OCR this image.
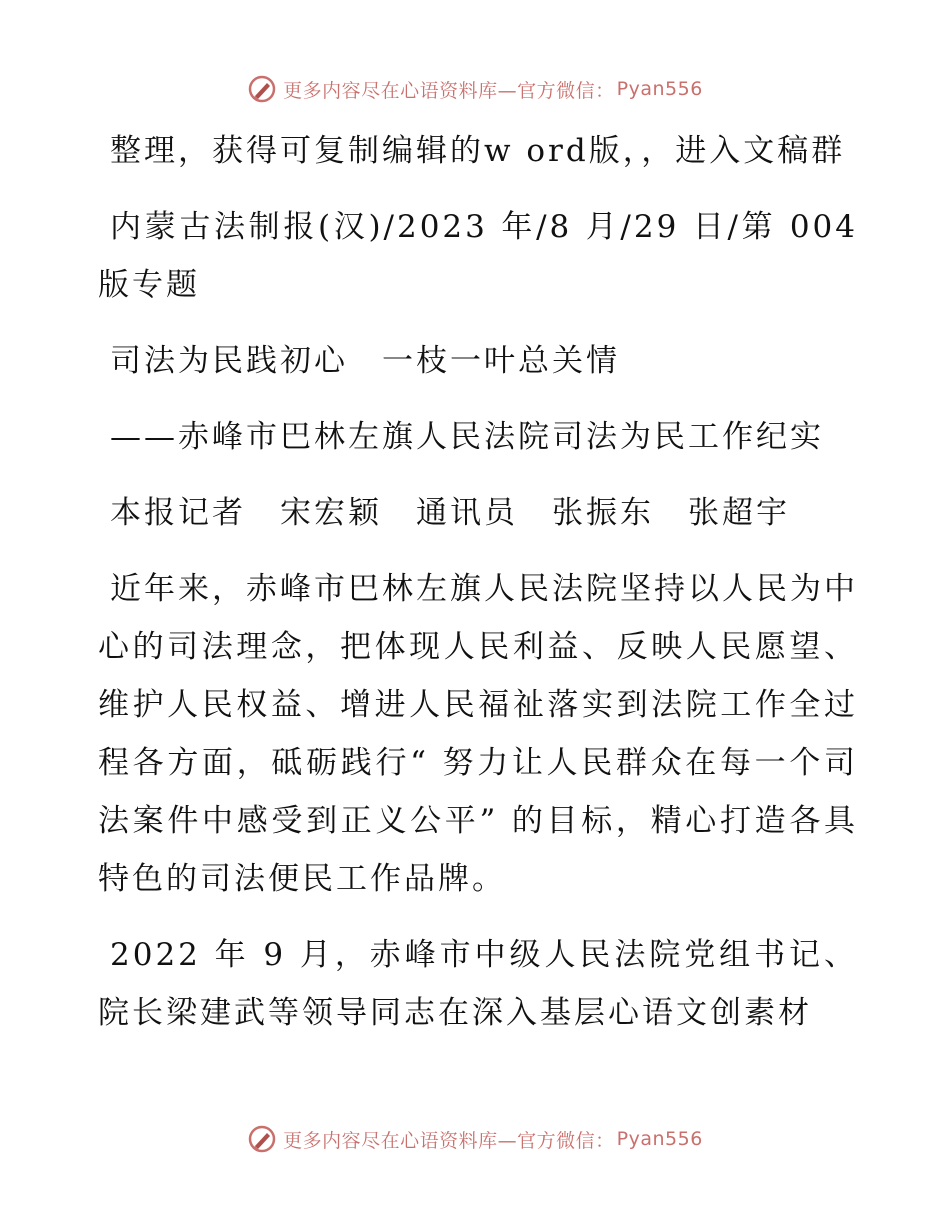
更多内容尽在心语资料库—官方微信： Pyan556

整理，获得可复制编辑的w ord版，，进入文稿群

内蒙古法制报(汉)/2023 年/8 月/29 日/第 004 版专题

司法为民践初心　一枝一叶总关情

——赤峰市巴林左旗人民法院司法为民工作纪实

本报记者　宋宏颖　通讯员　张振东　张超宇

近年来，赤峰市巴林左旗人民法院坚持以人民为中心的司法理念，把体现人民利益、反映人民愿望、维护人民权益、增进人民福祉落实到法院工作全过程各方面，砥砺践行“ 努力让人民群众在每一个司法案件中感受到正义公平” 的目标，精心打造各具特色的司法便民工作品牌。

2022 年 9 月，赤峰市中级人民法院党组书记、院长梁建武等领导同志在深入基层心语文创素材

更多内容尽在心语资料库—官方微信： Pyan556
